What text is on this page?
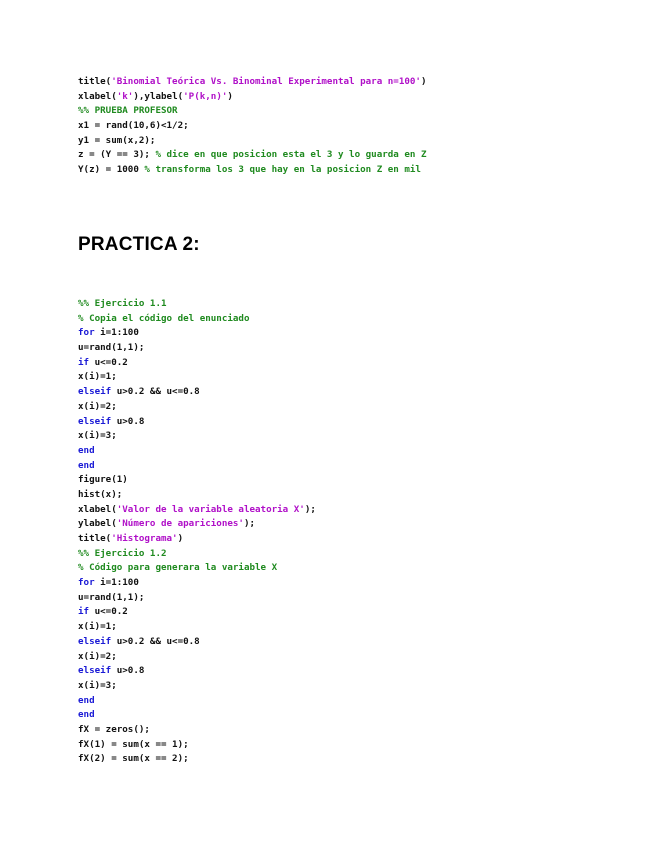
title('Binomial Teórica Vs. Binominal Experimental para n=100')
xlabel('k'),ylabel('P(k,n)')
%% PRUEBA PROFESOR
x1 = rand(10,6)<1/2;
y1 = sum(x,2);
z = (Y == 3); % dice en que posicion esta el 3 y lo guarda en Z
Y(z) = 1000 % transforma los 3 que hay en la posicion Z en mil
PRACTICA 2:
%% Ejercicio 1.1
% Copia el código del enunciado
for i=1:100
u=rand(1,1);
if u<=0.2
x(i)=1;
elseif u>0.2 && u<=0.8
x(i)=2;
elseif u>0.8
x(i)=3;
end
end
figure(1)
hist(x);
xlabel('Valor de la variable aleatoria X');
ylabel('Número de apariciones');
title('Histograma')
%% Ejercicio 1.2
% Código para generara la variable X
for i=1:100
u=rand(1,1);
if u<=0.2
x(i)=1;
elseif u>0.2 && u<=0.8
x(i)=2;
elseif u>0.8
x(i)=3;
end
end
fX = zeros();
fX(1) = sum(x == 1);
fX(2) = sum(x == 2);
